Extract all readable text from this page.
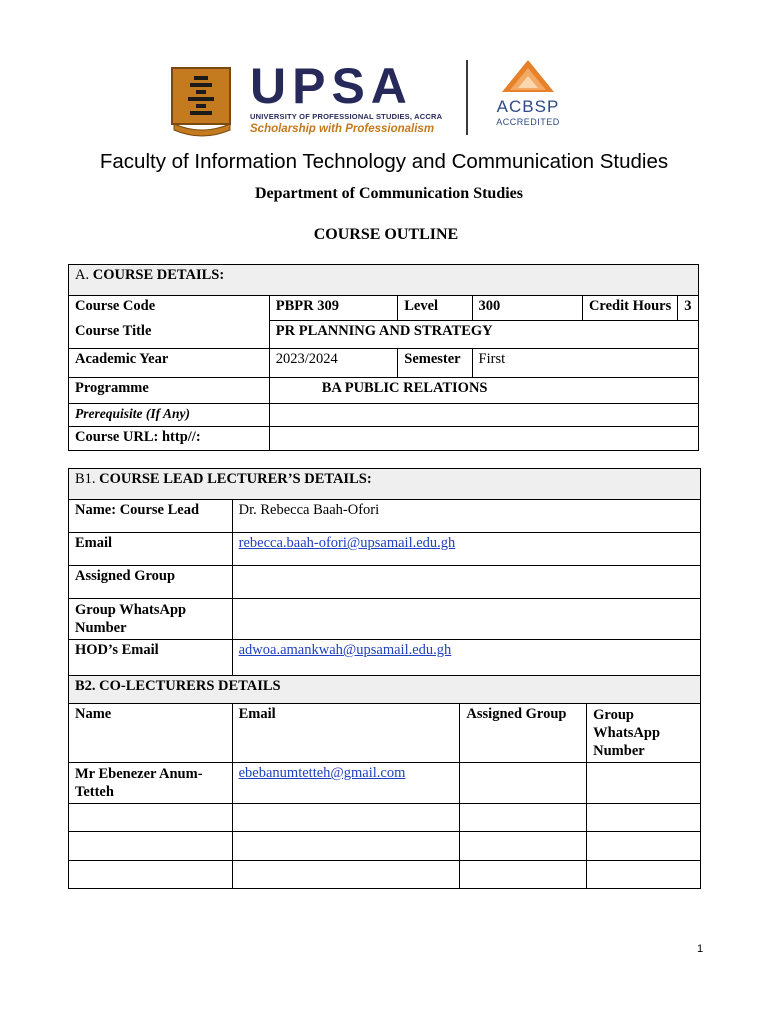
UPSA
UNIVERSITY OF PROFESSIONAL STUDIES, ACCRA
Scholarship with Professionalism
ACBSP
ACCREDITED
Faculty of Information Technology and Communication Studies
Department of Communication Studies
COURSE OUTLINE
A. COURSE DETAILS:				
Course Code	PBPR 309	Level	300	Credit Hours 3

Course Title	PR PLANNING AND STRATEGY			
Academic Year	2023/2024	Semester	First	
Programme	BA PUBLIC RELATIONS			
Prerequisite (If Any)				
Course URL: http//:				
B1. COURSE LEAD LECTURER’S DETAILS:			
Name: Course Lead	Dr. Rebecca Baah-Ofori		
Email	rebecca.baah-ofori@upsamail.edu.gh		
Assigned Group			
Group WhatsApp Number			
HOD’s Email	adwoa.amankwah@upsamail.edu.gh		
B2. CO-LECTURERS DETAILS			
Name	Email	Assigned Group	Group WhatsApp Number
Mr Ebenezer Anum-Tetteh	ebebanumtetteh@gmail.com		

1
